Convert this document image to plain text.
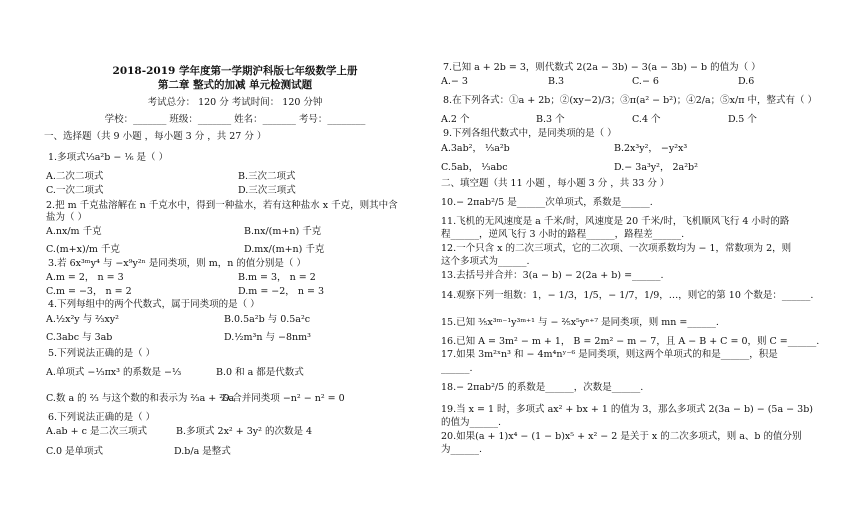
2018-2019 学年度第一学期沪科版七年级数学上册
第二章 整式的加减 单元检测试题
考试总分： 120 分 考试时间： 120 分钟
学校：_______ 班级：_______ 姓名：_______ 考号：________
一、选择题（共 9 小题 ，每小题 3 分 ，共 27 分 ）
1.多项式⅓a²b − ⅙ 是（ ）
A.二次二项式	B.三次二项式
C.一次二项式	D.三次三项式
2.把 m 千克盐溶解在 n 千克水中，得到一种盐水，若有这种盐水 x 千克，则其中含
盐为（ ）
A.nx/m 千克	B.nx/(m+n) 千克
C.(m+x)/m 千克	D.mx/(m+n) 千克
3.若 6x³ᵐy⁴ 与 −x⁹y²ⁿ 是同类项，则 m，n 的值分别是（ ）
A.m = 2， n = 3	B.m = 3， n = 2
C.m = −3， n = 2	D.m = −2， n = 3
4.下列每组中的两个代数式，属于同类项的是（ ）
A.½x²y 与 ⅔xy²	B.0.5a²b 与 0.5a²c
C.3abc 与 3ab	D.½m³n 与 −8nm³
5.下列说法正确的是（ ）
A.单项式 −⅓πx³ 的系数是 −⅓	B.0 和 a 都是代数式
C.数 a 的 ⅔ 与这个数的和表示为 ⅔a + ⅔a
D.合并同类项 −n² − n² = 0
6.下列说法正确的是（ ）
A.ab + c 是二次三项式	B.多项式 2x² + 3y² 的次数是 4
C.0 是单项式	D.b/a 是整式
7.已知 a + 2b = 3，则代数式 2(2a − 3b) − 3(a − 3b) − b 的值为（ ）
A.− 3	B.3	C.− 6	D.6
8.在下列各式：①a + 2b；②(xy−2)/3；③π(a² − b²)；④2/a；⑤x/π 中，整式有（ ）
A.2 个	B.3 个	C.4 个	D.5 个
9.下列各组代数式中，是同类项的是（ ）
A.3ab²， ⅓a²b	B.2x³y²， −y²x³
C.5ab， ⅓abc	D.− 3a³y²， 2a²b²
二、填空题（共 11 小题 ，每小题 3 分 ，共 33 分 ）
10.− 2πab²/5 是______次单项式，系数是______.
11.飞机的无风速度是 a 千米/时，风速度是 20 千米/时，飞机顺风飞行 4 小时的路
程______，逆风飞行 3 小时的路程______，路程差______.
12.一个只含 x 的二次三项式，它的二次项、一次项系数均为 − 1，常数项为 2，则
这个多项式为______.
13.去括号并合并：3(a − b) − 2(2a + b) =______.
14.观察下列一组数：1，− 1/3，1/5，− 1/7，1/9，…，则它的第 10 个数是：______.
15.已知 ⅗x³ᵐ⁻¹y³ᵐ⁺¹ 与 − ⅖x⁵yⁿ⁺⁷ 是同类项，则 mn =______.
16.已知 A = 3m² − m + 1， B = 2m² − m − 7，且 A − B + C = 0，则 C =______.
17.如果 3m²ˣn³ 和 − 4m⁴nʸ⁻⁶ 是同类项，则这两个单项式的和是______，积是
______.
18.− 2πab²/5 的系数是______，次数是______.
19.当 x = 1 时，多项式 ax² + bx + 1 的值为 3，那么多项式 2(3a − b) − (5a − 3b)
的值为______.
20.如果(a + 1)x⁴ − (1 − b)x⁵ + x² − 2 是关于 x 的二次多项式，则 a、b 的值分别
为______.
